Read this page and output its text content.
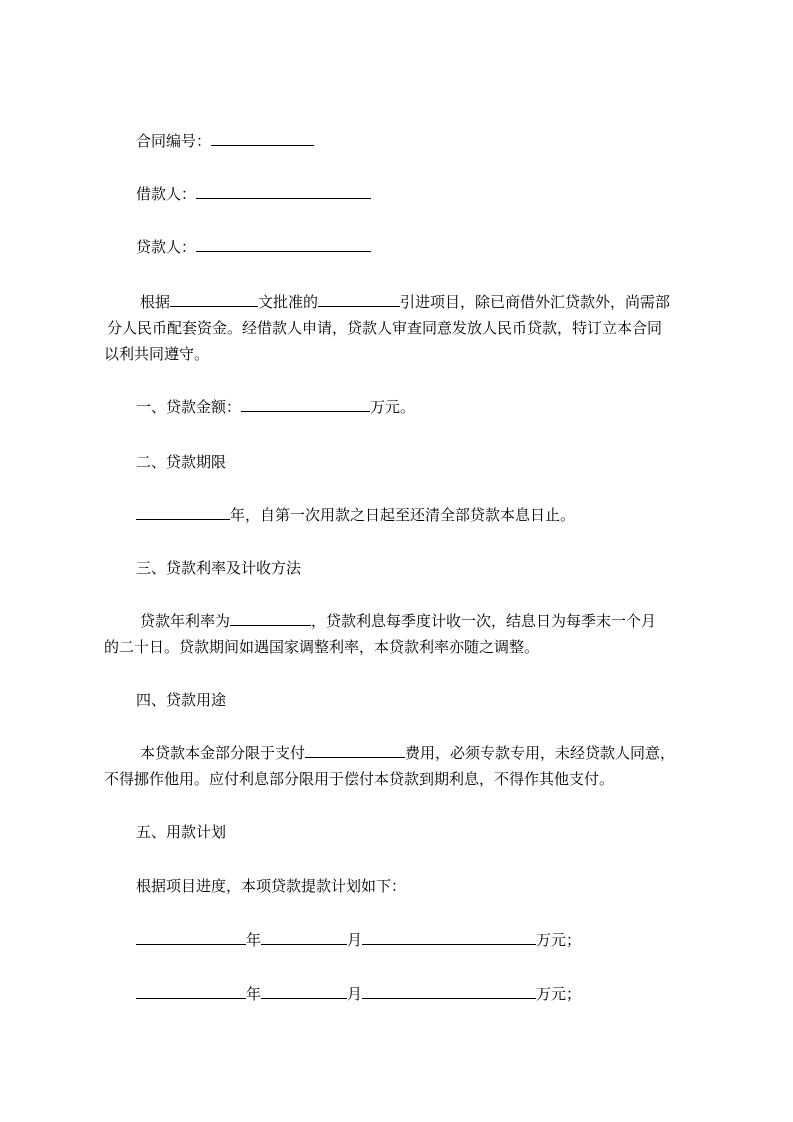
合同编号：
借款人：
贷款人：
根据	文批准的	引进项目，除已商借外汇贷款外，尚需部
分人民币配套资金。经借款人申请，贷款人审查同意发放人民币贷款，特订立本合同
以利共同遵守。
一、贷款金额：	万元。
二、贷款期限
年，自第一次用款之日起至还清全部贷款本息日止。
三、贷款利率及计收方法
贷款年利率为	，贷款利息每季度计收一次，结息日为每季末一个月
的二十日。贷款期间如遇国家调整利率，本贷款利率亦随之调整。
四、贷款用途
本贷款本金部分限于支付	费用，必须专款专用，未经贷款人同意，
不得挪作他用。应付利息部分限用于偿付本贷款到期利息，不得作其他支付。
五、用款计划
根据项目进度，本项贷款提款计划如下：
年	月	万元；
年	月	万元；
